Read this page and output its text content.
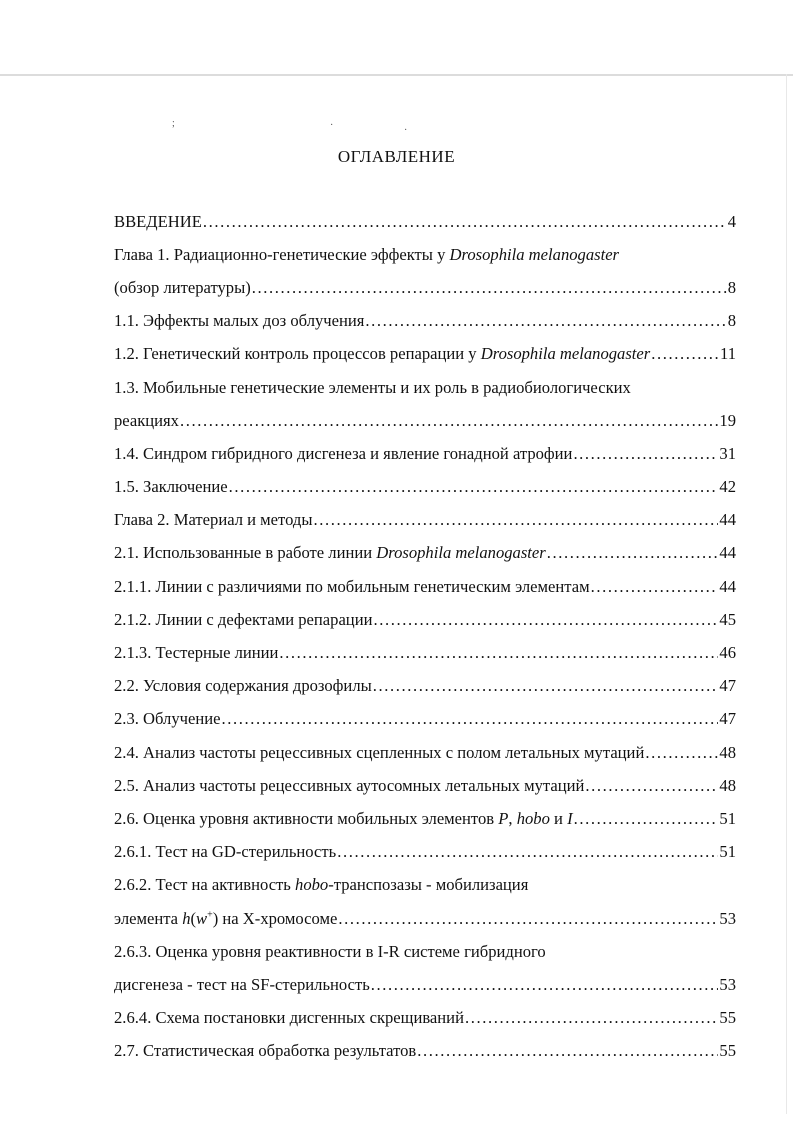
ОГЛАВЛЕНИЕ
ВВЕДЕНИЕ .....	4
Глава 1. Радиационно-генетические эффекты у Drosophila melanogaster
(обзор литературы) .....	8
1.1. Эффекты малых доз облучения .....	8
1.2. Генетический контроль процессов репарации у Drosophila melanogaster .....	11
1.3. Мобильные генетические элементы и их роль в радиобиологических
реакциях .....	19
1.4. Синдром гибридного дисгенеза и явление гонадной атрофии .....	31
1.5. Заключение .....	42
Глава 2. Материал и методы .....	44
2.1. Использованные в работе линии Drosophila melanogaster .....	44
2.1.1. Линии с различиями по мобильным генетическим элементам .....	44
2.1.2. Линии с дефектами репарации .....	45
2.1.3. Тестерные линии .....	46
2.2. Условия содержания дрозофилы .....	47
2.3. Облучение .....	47
2.4. Анализ частоты рецессивных сцепленных с полом летальных мутаций .....	48
2.5. Анализ частоты рецессивных аутосомных летальных мутаций .....	48
2.6. Оценка уровня активности мобильных элементов P, hobo и I .....	51
2.6.1. Тест на GD-стерильность .....	51
2.6.2. Тест на активность hobo-транспозазы - мобилизация
элемента h(w+) на Х-хромосоме .....	53
2.6.3. Оценка уровня реактивности в I-R системе гибридного
дисгенеза - тест на SF-стерильность .....	53
2.6.4. Схема постановки дисгенных скрещиваний .....	55
2.7. Статистическая обработка результатов .....	55
;	·	·
